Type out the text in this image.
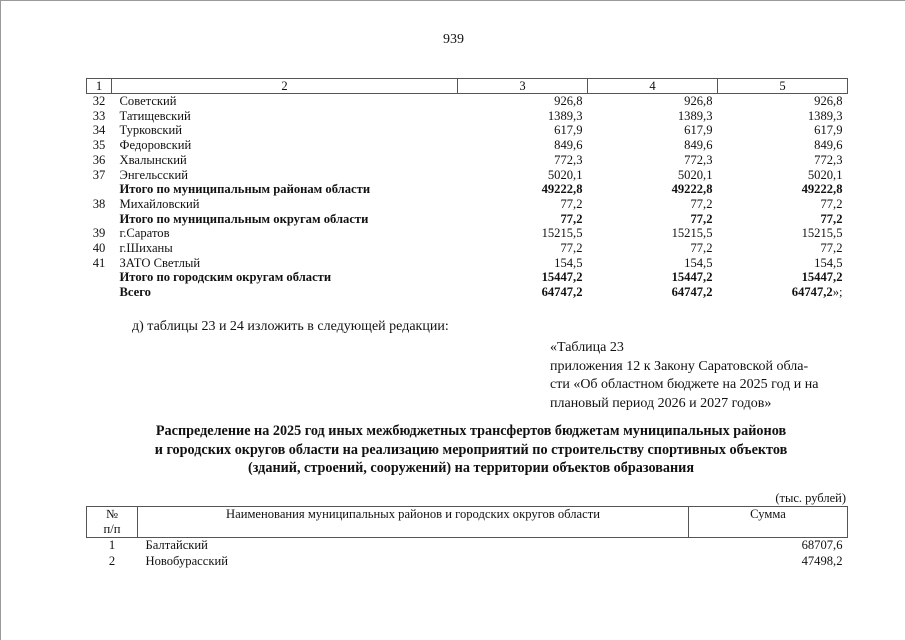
939
1	2	3	4	5
32	Советский	926,8	926,8	926,8
33	Татищевский	1389,3	1389,3	1389,3
34	Турковский	617,9	617,9	617,9
35	Федоровский	849,6	849,6	849,6
36	Хвалынский	772,3	772,3	772,3
37	Энгельсский	5020,1	5020,1	5020,1
	Итого по муниципальным районам области	49222,8	49222,8	49222,8
38	Михайловский	77,2	77,2	77,2
	Итого по муниципальным округам области	77,2	77,2	77,2
39	г.Саратов	15215,5	15215,5	15215,5
40	г.Шиханы	77,2	77,2	77,2
41	ЗАТО Светлый	154,5	154,5	154,5
	Итого по городским округам области	15447,2	15447,2	15447,2
	Всего	64747,2	64747,2	64747,2»;
д) таблицы 23 и 24 изложить в следующей редакции:
«Таблица 23
приложения 12 к Закону Саратовской обла-
сти «Об областном бюджете на 2025 год и на
плановый период 2026 и 2027 годов»
Распределение на 2025 год иных межбюджетных трансфертов бюджетам муниципальных районов
и городских округов области на реализацию мероприятий по строительству спортивных объектов
(зданий, строений, сооружений) на территории объектов образования
(тыс. рублей)
№
п/п	Наименования муниципальных районов и городских округов области	Сумма
1	Балтайский	68707,6
2	Новобурасский	47498,2
